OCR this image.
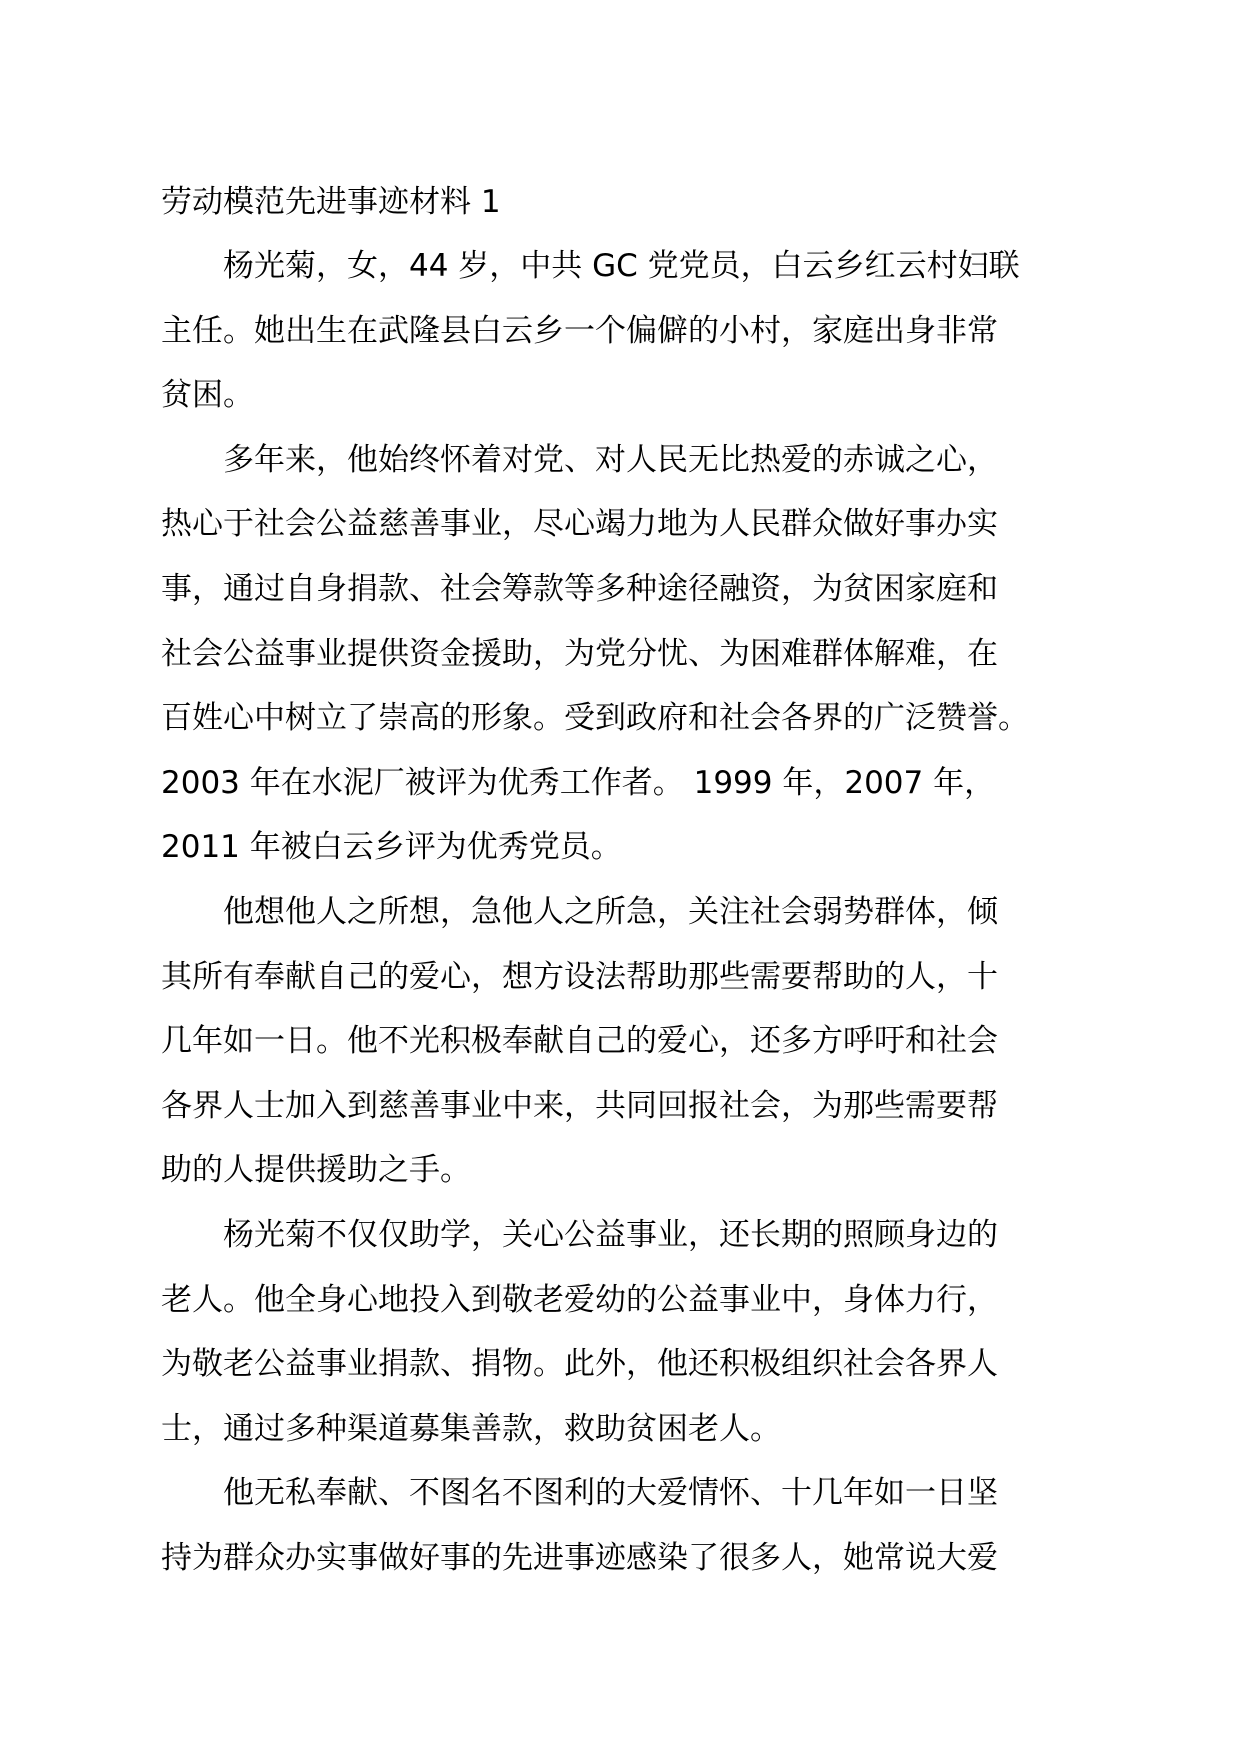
劳动模范先进事迹材料 1

杨光菊，女，44 岁，中共 GC 党党员，白云乡红云村妇联
主任。她出生在武隆县白云乡一个偏僻的小村，家庭出身非常
贫困。

多年来，他始终怀着对党、对人民无比热爱的赤诚之心，
热心于社会公益慈善事业，尽心竭力地为人民群众做好事办实
事，通过自身捐款、社会筹款等多种途径融资，为贫困家庭和
社会公益事业提供资金援助，为党分忧、为困难群体解难，在
百姓心中树立了崇高的形象。受到政府和社会各界的广泛赞誉。
2003 年在水泥厂被评为优秀工作者。 1999 年，2007 年，
2011 年被白云乡评为优秀党员。

他想他人之所想，急他人之所急，关注社会弱势群体，倾
其所有奉献自己的爱心，想方设法帮助那些需要帮助的人，十
几年如一日。他不光积极奉献自己的爱心，还多方呼吁和社会
各界人士加入到慈善事业中来，共同回报社会，为那些需要帮
助的人提供援助之手。

杨光菊不仅仅助学，关心公益事业，还长期的照顾身边的
老人。他全身心地投入到敬老爱幼的公益事业中，身体力行，
为敬老公益事业捐款、捐物。此外，他还积极组织社会各界人
士，通过多种渠道募集善款，救助贫困老人。

他无私奉献、不图名不图利的大爱情怀、十几年如一日坚
持为群众办实事做好事的先进事迹感染了很多人，她常说大爱
